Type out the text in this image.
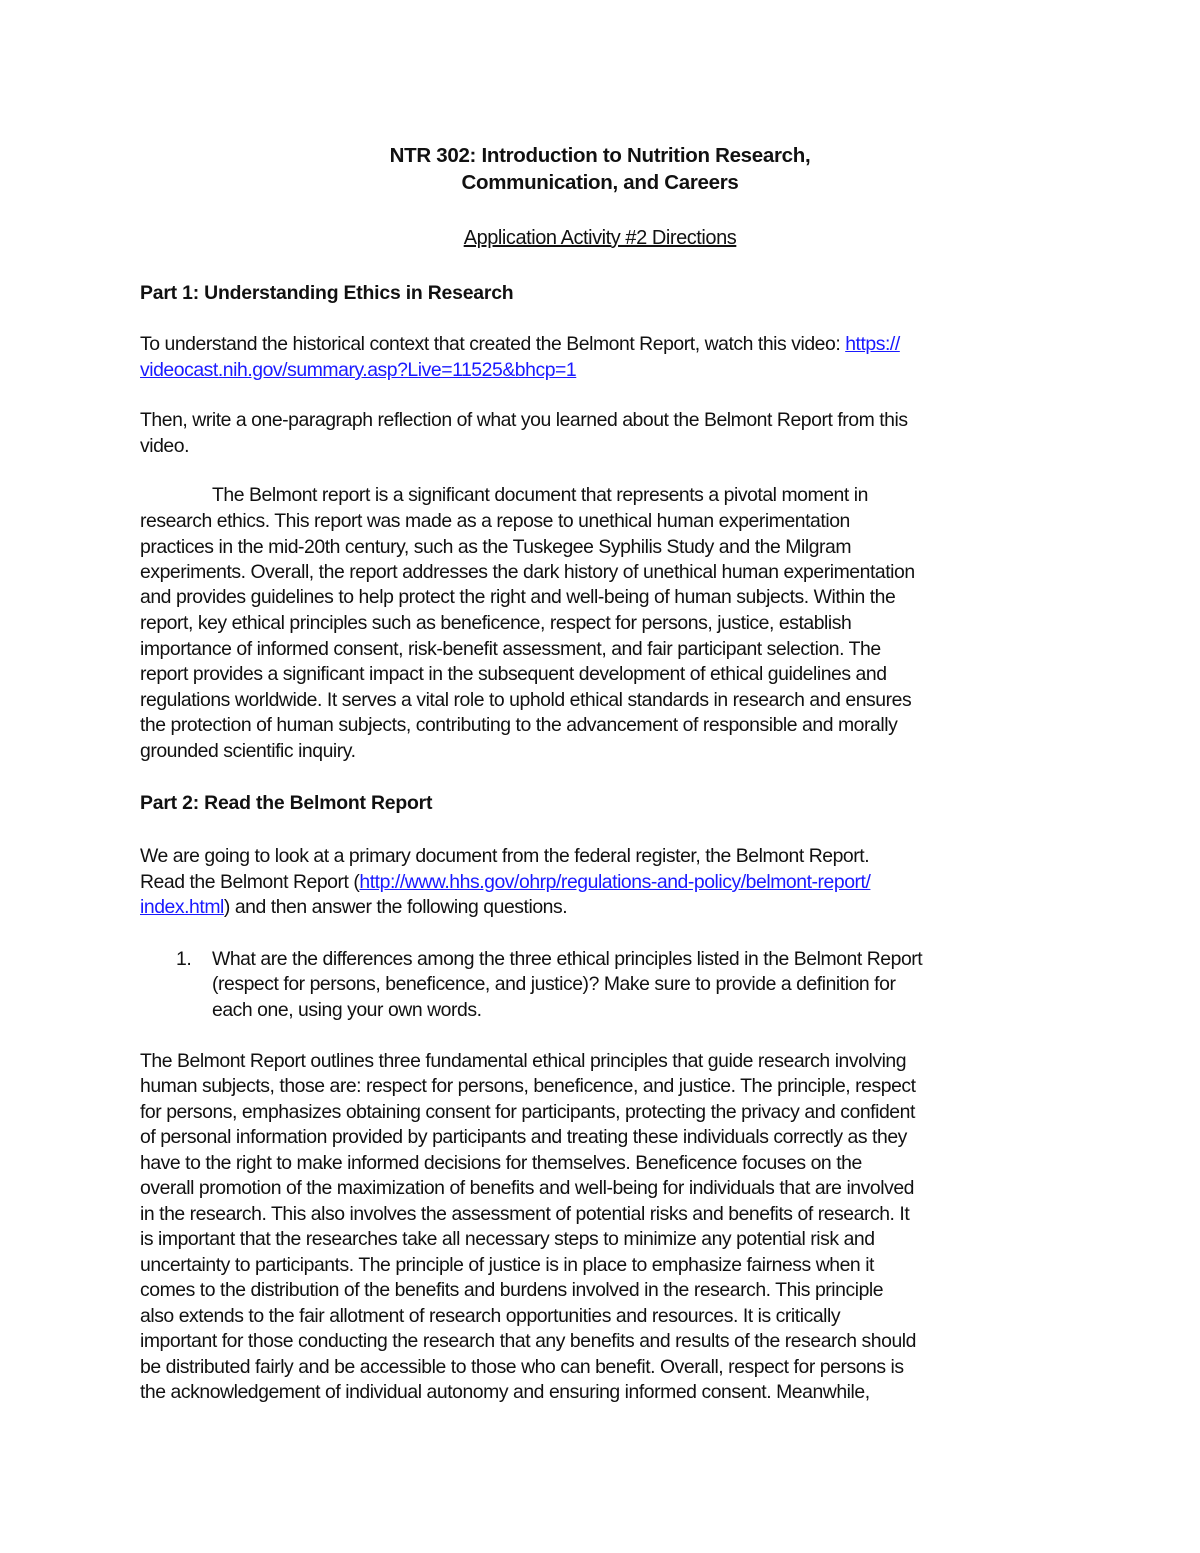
NTR 302: Introduction to Nutrition Research,
Communication, and Careers
Application Activity #2 Directions
Part 1: Understanding Ethics in Research
To understand the historical context that created the Belmont Report, watch this video: https://
videocast.nih.gov/summary.asp?Live=11525&bhcp=1
Then, write a one-paragraph reflection of what you learned about the Belmont Report from this
video.
The Belmont report is a significant document that represents a pivotal moment in
research ethics. This report was made as a repose to unethical human experimentation
practices in the mid-20th century, such as the Tuskegee Syphilis Study and the Milgram
experiments. Overall, the report addresses the dark history of unethical human experimentation
and provides guidelines to help protect the right and well-being of human subjects. Within the
report, key ethical principles such as beneficence, respect for persons, justice, establish
importance of informed consent, risk-benefit assessment, and fair participant selection. The
report provides a significant impact in the subsequent development of ethical guidelines and
regulations worldwide. It serves a vital role to uphold ethical standards in research and ensures
the protection of human subjects, contributing to the advancement of responsible and morally
grounded scientific inquiry.
Part 2: Read the Belmont Report
We are going to look at a primary document from the federal register, the Belmont Report.
Read the Belmont Report (http://www.hhs.gov/ohrp/regulations-and-policy/belmont-report/
index.html) and then answer the following questions.
1. What are the differences among the three ethical principles listed in the Belmont Report
(respect for persons, beneficence, and justice)? Make sure to provide a definition for
each one, using your own words.
The Belmont Report outlines three fundamental ethical principles that guide research involving
human subjects, those are: respect for persons, beneficence, and justice. The principle, respect
for persons, emphasizes obtaining consent for participants, protecting the privacy and confident
of personal information provided by participants and treating these individuals correctly as they
have to the right to make informed decisions for themselves. Beneficence focuses on the
overall promotion of the maximization of benefits and well-being for individuals that are involved
in the research. This also involves the assessment of potential risks and benefits of research. It
is important that the researches take all necessary steps to minimize any potential risk and
uncertainty to participants. The principle of justice is in place to emphasize fairness when it
comes to the distribution of the benefits and burdens involved in the research. This principle
also extends to the fair allotment of research opportunities and resources. It is critically
important for those conducting the research that any benefits and results of the research should
be distributed fairly and be accessible to those who can benefit. Overall, respect for persons is
the acknowledgement of individual autonomy and ensuring informed consent. Meanwhile,
